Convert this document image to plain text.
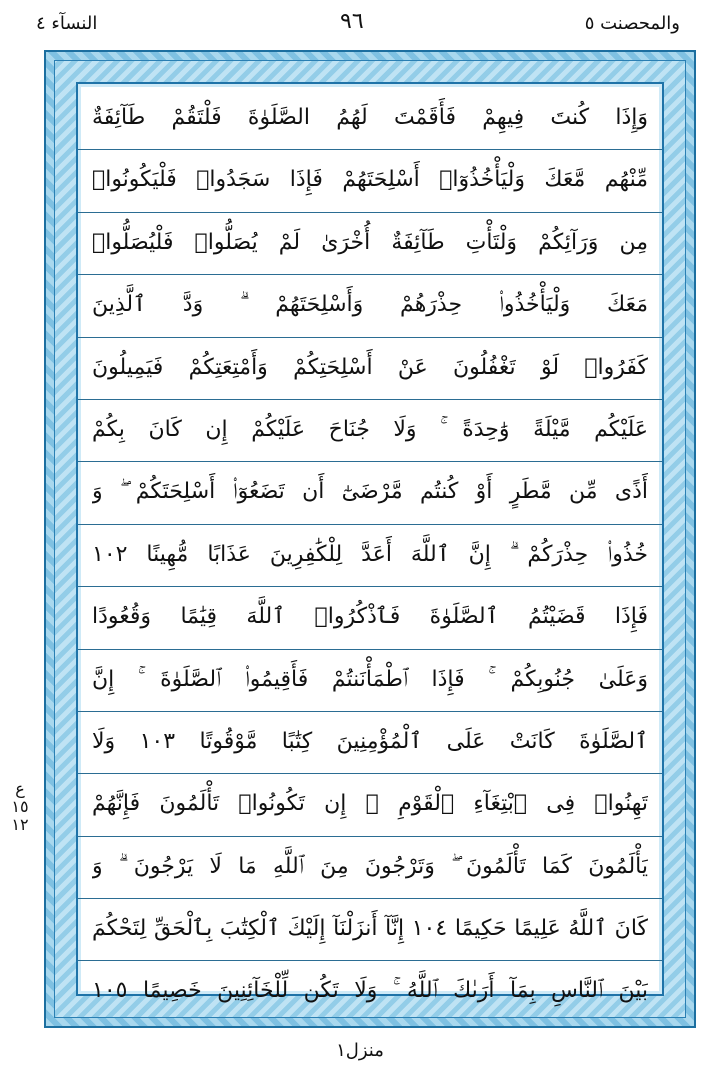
والمحصنت ٥
٩٦
النسآء ٤
ع
١٥
١٢
وَإِذَا كُنتَ فِيهِمْ فَأَقَمْتَ لَهُمُ الصَّلَوٰةَ فَلْتَقُمْ طَآئِفَةٌ
مِّنْهُم مَّعَكَ وَلْيَأْخُذُوٓا۟ أَسْلِحَتَهُمْ فَإِذَا سَجَدُوا۟ فَلْيَكُونُوا۟
مِن وَرَآئِكُمْ وَلْتَأْتِ طَآئِفَةٌ أُخْرَىٰ لَمْ يُصَلُّوا۟ فَلْيُصَلُّوا۟
مَعَكَ وَلْيَأْخُذُوا۟ حِذْرَهُمْ وَأَسْلِحَتَهُمْ ۗ وَدَّ ٱلَّذِينَ
كَفَرُوا۟ لَوْ تَغْفُلُونَ عَنْ أَسْلِحَتِكُمْ وَأَمْتِعَتِكُمْ فَيَمِيلُونَ
عَلَيْكُم مَّيْلَةً وَٰحِدَةً ۚ وَلَا جُنَاحَ عَلَيْكُمْ إِن كَانَ بِكُمْ
أَذًى مِّن مَّطَرٍ أَوْ كُنتُم مَّرْضَىٰٓ أَن تَضَعُوٓا۟ أَسْلِحَتَكُمْ ۖ وَ
خُذُوا۟ حِذْرَكُمْ ۗ إِنَّ ٱللَّهَ أَعَدَّ لِلْكَٰفِرِينَ عَذَابًا مُّهِينًا ١٠٢
فَإِذَا قَضَيْتُمُ ٱلصَّلَوٰةَ فَٱذْكُرُوا۟ ٱللَّهَ قِيَٰمًا وَقُعُودًا
وَعَلَىٰ جُنُوبِكُمْ ۚ فَإِذَا ٱطْمَأْنَنتُمْ فَأَقِيمُوا۟ ٱلصَّلَوٰةَ ۚ إِنَّ
ٱلصَّلَوٰةَ كَانَتْ عَلَى ٱلْمُؤْمِنِينَ كِتَٰبًا مَّوْقُوتًا ١٠٣ وَلَا
تَهِنُوا۟ فِى ٱبْتِغَآءِ ٱلْقَوْمِ ۖ إِن تَكُونُوا۟ تَأْلَمُونَ فَإِنَّهُمْ
يَأْلَمُونَ كَمَا تَأْلَمُونَ ۖ وَتَرْجُونَ مِنَ ٱللَّهِ مَا لَا يَرْجُونَ ۗ وَ
كَانَ ٱللَّهُ عَلِيمًا حَكِيمًا ١٠٤ إِنَّآ أَنزَلْنَآ إِلَيْكَ ٱلْكِتَٰبَ بِٱلْحَقِّ لِتَحْكُمَ
بَيْنَ ٱلنَّاسِ بِمَآ أَرَىٰكَ ٱللَّهُ ۚ وَلَا تَكُن لِّلْخَآئِنِينَ خَصِيمًا ١٠٥
منزل١
